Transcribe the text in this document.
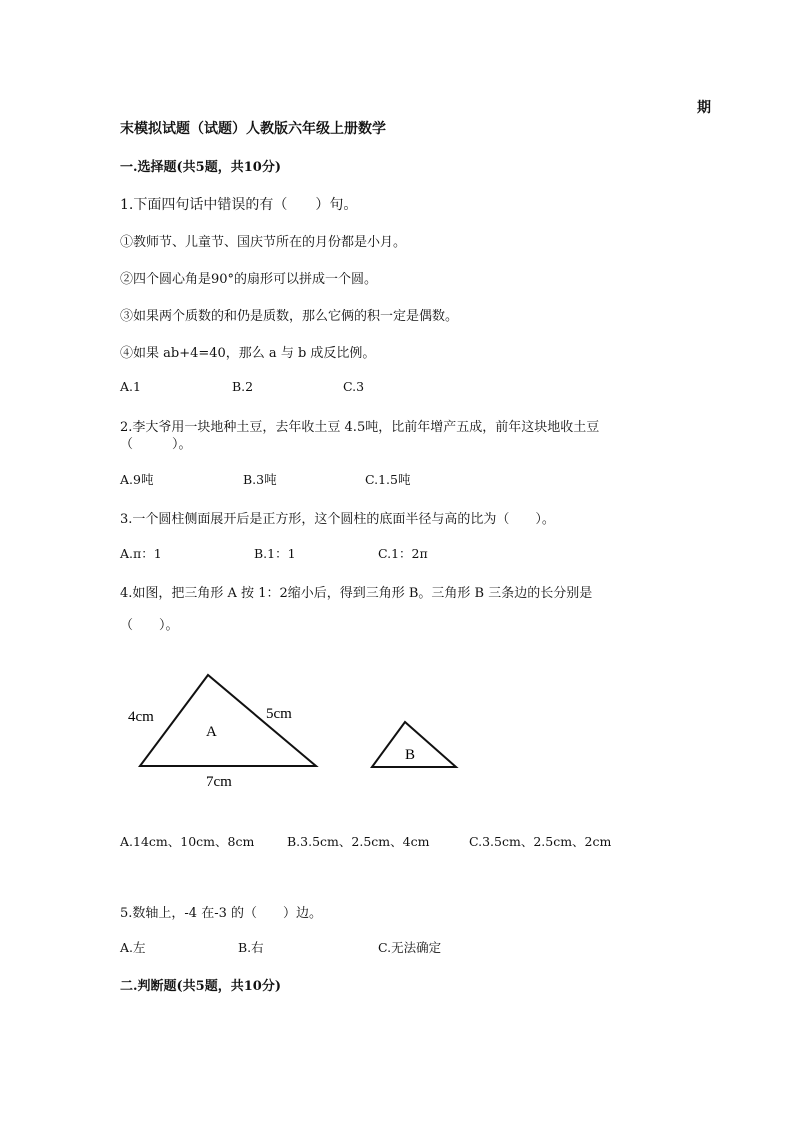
期
末模拟试题（试题）人教版六年级上册数学
一.选择题(共5题，共10分)
1.下面四句话中错误的有（　　）句。
①教师节、儿童节、国庆节所在的月份都是小月。
②四个圆心角是90°的扇形可以拼成一个圆。
③如果两个质数的和仍是质数，那么它俩的积一定是偶数。
④如果 ab+4=40，那么 a 与 b 成反比例。
A.1	B.2	C.3
2.李大爷用一块地种土豆，去年收土豆 4.5吨，比前年增产五成，前年这块地收土豆
（　　　）。
A.9吨	B.3吨	C.1.5吨
3.一个圆柱侧面展开后是正方形，这个圆柱的底面半径与高的比为（　　）。
A.π：1	B.1：1	C.1：2π
4.如图，把三角形 A 按 1：2缩小后，得到三角形 B。三角形 B 三条边的长分别是
（　　）。
4cm	5cm
7cm
A
B
A.14cm、10cm、8cm	B.3.5cm、2.5cm、4cm	C.3.5cm、2.5cm、2cm
5.数轴上，-4 在-3 的（　　）边。
A.左	B.右	C.无法确定
二.判断题(共5题，共10分)
